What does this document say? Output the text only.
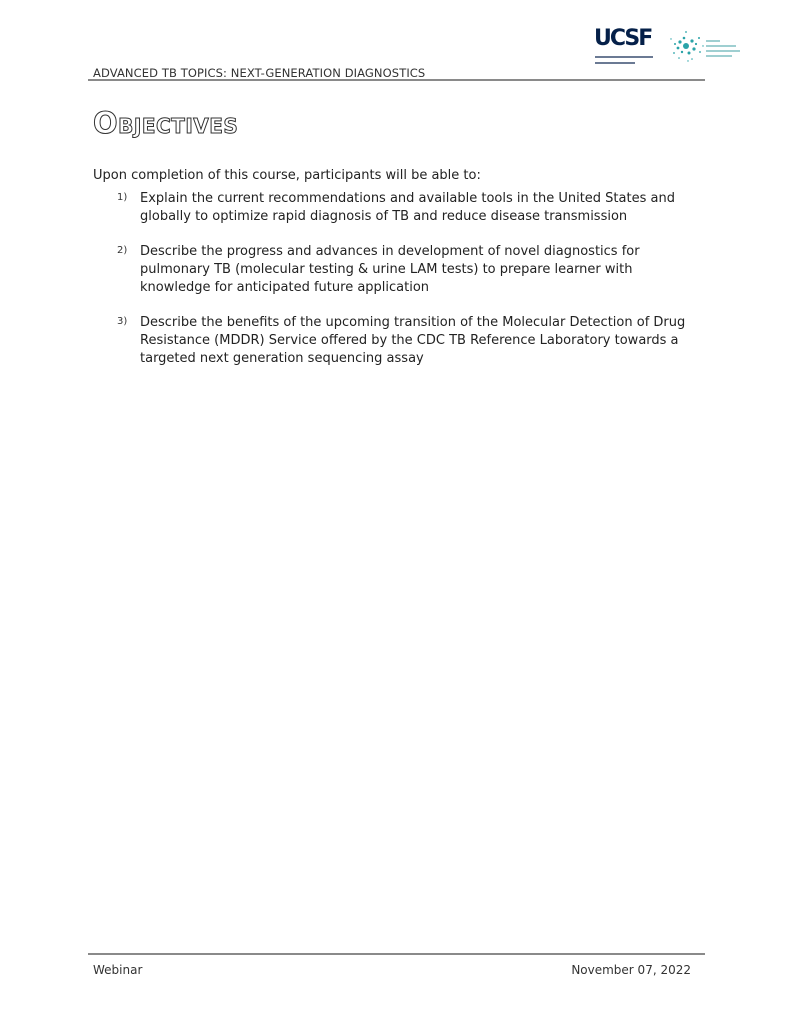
ADVANCED TB TOPICS: NEXT-GENERATION DIAGNOSTICS
UCSF
Objectives
Upon completion of this course, participants will be able to:
1) Explain the current recommendations and available tools in the United States and globally to optimize rapid diagnosis of TB and reduce disease transmission
2) Describe the progress and advances in development of novel diagnostics for pulmonary TB (molecular testing & urine LAM tests) to prepare learner with knowledge for anticipated future application
3) Describe the benefits of the upcoming transition of the Molecular Detection of Drug Resistance (MDDR) Service offered by the CDC TB Reference Laboratory towards a targeted next generation sequencing assay
Webinar	November 07, 2022
